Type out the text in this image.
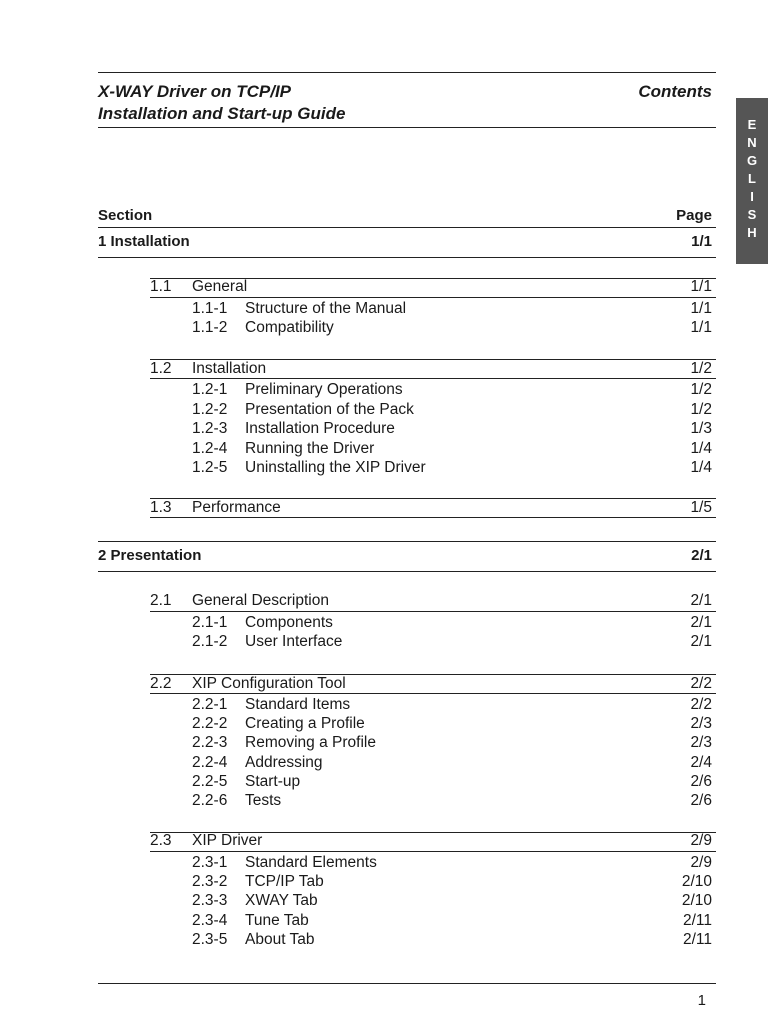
X-WAY Driver on TCP/IP	Contents
Installation and Start-up Guide
E
N
G
L
I
S
H
Section	Page
1 Installation	1/1
1.1 General	1/1
1.1-1 Structure of the Manual	1/1
1.1-2 Compatibility	1/1
1.2 Installation	1/2
1.2-1 Preliminary Operations	1/2
1.2-2 Presentation of the Pack	1/2
1.2-3 Installation Procedure	1/3
1.2-4 Running the Driver	1/4
1.2-5 Uninstalling the XIP Driver	1/4
1.3 Performance	1/5
2 Presentation	2/1
2.1 General Description	2/1
2.1-1 Components	2/1
2.1-2 User Interface	2/1
2.2 XIP Configuration Tool	2/2
2.2-1 Standard Items	2/2
2.2-2 Creating a Profile	2/3
2.2-3 Removing a Profile	2/3
2.2-4 Addressing	2/4
2.2-5 Start-up	2/6
2.2-6 Tests	2/6
2.3 XIP Driver	2/9
2.3-1 Standard Elements	2/9
2.3-2 TCP/IP Tab	2/10
2.3-3 XWAY Tab	2/10
2.3-4 Tune Tab	2/11
2.3-5 About Tab	2/11
1
